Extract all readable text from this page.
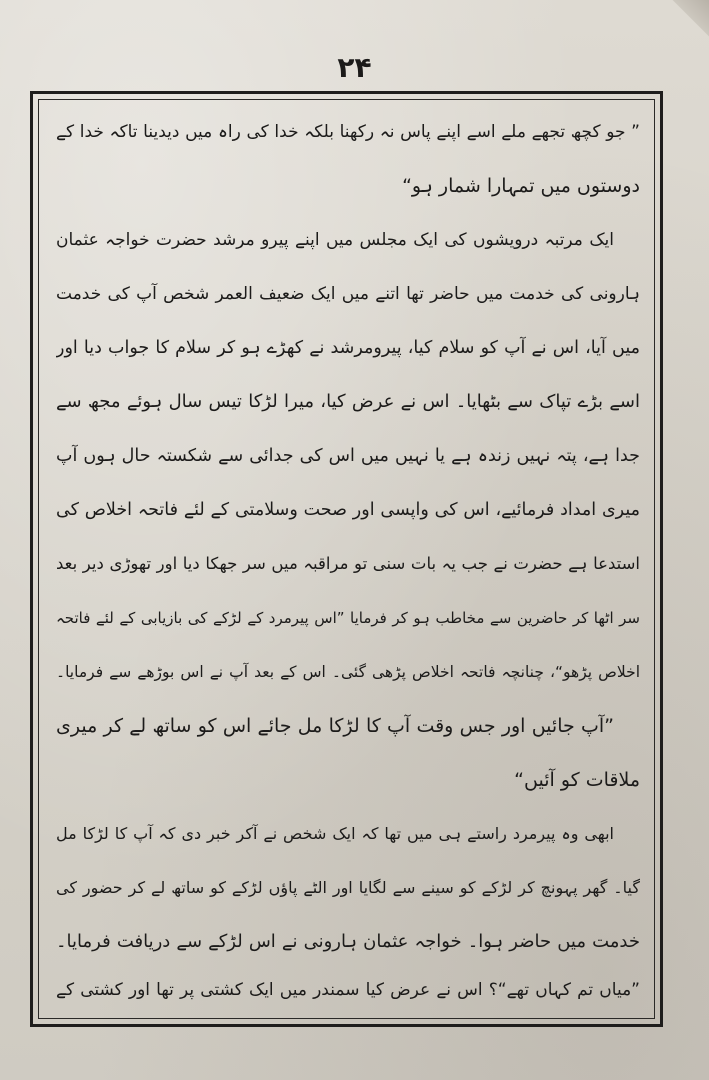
۲۴
” جو کچھ تجھے ملے اسے اپنے پاس نہ رکھنا بلکہ خدا کی راہ میں دیدینا تاکہ خدا کے
دوستوں میں تمہارا شمار ہو“
ایک مرتبہ درویشوں کی ایک مجلس میں اپنے پیرو مرشد حضرت خواجہ عثمان
ہارونی کی خدمت میں حاضر تھا اتنے میں ایک ضعیف العمر شخص آپ کی خدمت
میں آیا، اس نے آپ کو سلام کیا، پیرومرشد نے کھڑے ہو کر سلام کا جواب دیا اور
اسے بڑے تپاک سے بٹھایا۔ اس نے عرض کیا، میرا لڑکا تیس سال ہوئے مجھ سے
جدا ہے، پتہ نہیں زندہ ہے یا نہیں میں اس کی جدائی سے شکستہ حال ہوں آپ
میری امداد فرمائیے، اس کی واپسی اور صحت وسلامتی کے لئے فاتحہ اخلاص کی
استدعا ہے حضرت نے جب یہ بات سنی تو مراقبہ میں سر جھکا دیا اور تھوڑی دیر بعد
سر اٹھا کر حاضرین سے مخاطب ہو کر فرمایا ”اس پیرمرد کے لڑکے کی بازیابی کے لئے فاتحہ
اخلاص پڑھو“، چنانچہ فاتحہ اخلاص پڑھی گئی۔ اس کے بعد آپ نے اس بوڑھے سے فرمایا۔
”آپ جائیں اور جس وقت آپ کا لڑکا مل جائے اس کو ساتھ لے کر میری
ملاقات کو آئیں“
ابھی وہ پیرمرد راستے ہی میں تھا کہ ایک شخص نے آکر خبر دی کہ آپ کا لڑکا مل
گیا۔ گھر پہونچ کر لڑکے کو سینے سے لگایا اور الٹے پاؤں لڑکے کو ساتھ لے کر حضور کی
خدمت میں حاضر ہوا۔ خواجہ عثمان ہارونی نے اس لڑکے سے دریافت فرمایا۔
”میاں تم کہاں تھے“؟ اس نے عرض کیا سمندر میں ایک کشتی پر تھا اور کشتی کے
